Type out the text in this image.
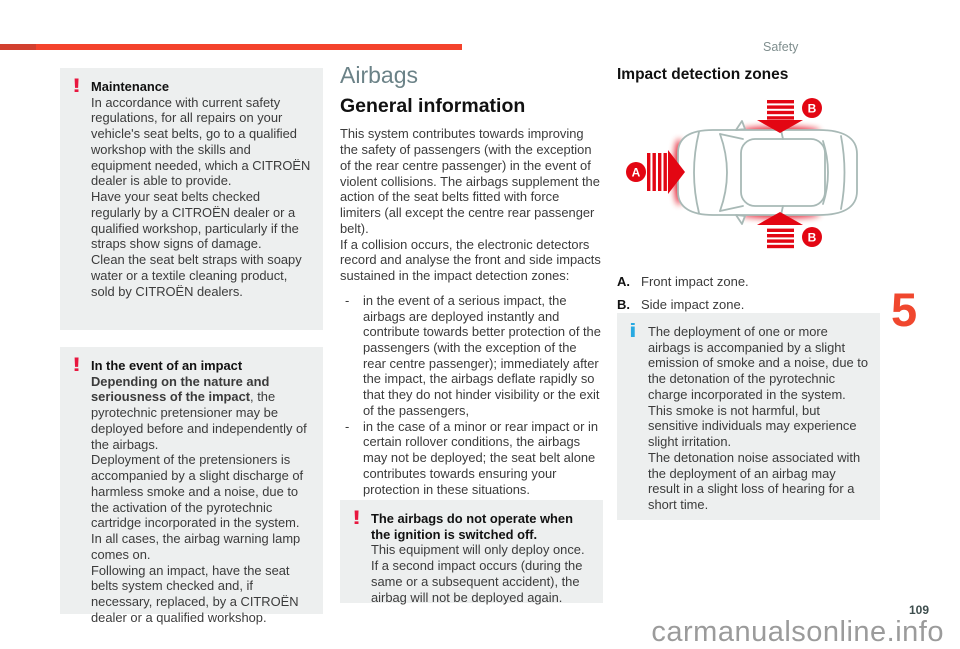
Safety
5
! Maintenance
In accordance with current safety regulations, for all repairs on your vehicle's seat belts, go to a qualified workshop with the skills and equipment needed, which a CITROËN dealer is able to provide.
Have your seat belts checked regularly by a CITROËN dealer or a qualified workshop, particularly if the straps show signs of damage.
Clean the seat belt straps with soapy water or a textile cleaning product, sold by CITROËN dealers.
! In the event of an impact
Depending on the nature and seriousness of the impact, the pyrotechnic pretensioner may be deployed before and independently of the airbags.
Deployment of the pretensioners is accompanied by a slight discharge of harmless smoke and a noise, due to the activation of the pyrotechnic cartridge incorporated in the system.
In all cases, the airbag warning lamp comes on.
Following an impact, have the seat belts system checked and, if necessary, replaced, by a CITROËN dealer or a qualified workshop.
Airbags
General information
This system contributes towards improving the safety of passengers (with the exception of the rear centre passenger) in the event of violent collisions. The airbags supplement the action of the seat belts fitted with force limiters (all except the centre rear passenger belt).
If a collision occurs, the electronic detectors record and analyse the front and side impacts sustained in the impact detection zones:
-	in the event of a serious impact, the airbags are deployed instantly and contribute towards better protection of the passengers (with the exception of the rear centre passenger); immediately after the impact, the airbags deflate rapidly so that they do not hinder visibility or the exit of the passengers,
-	in the case of a minor or rear impact or in certain rollover conditions, the airbags may not be deployed; the seat belt alone contributes towards ensuring your protection in these situations.
! The airbags do not operate when the ignition is switched off.
This equipment will only deploy once. If a second impact occurs (during the same or a subsequent accident), the airbag will not be deployed again.
Impact detection zones
A
B
B
A. Front impact zone.
B. Side impact zone.
i The deployment of one or more airbags is accompanied by a slight emission of smoke and a noise, due to the detonation of the pyrotechnic charge incorporated in the system.
This smoke is not harmful, but sensitive individuals may experience slight irritation.
The detonation noise associated with the deployment of an airbag may result in a slight loss of hearing for a short time.
109
carmanualsonline.info
